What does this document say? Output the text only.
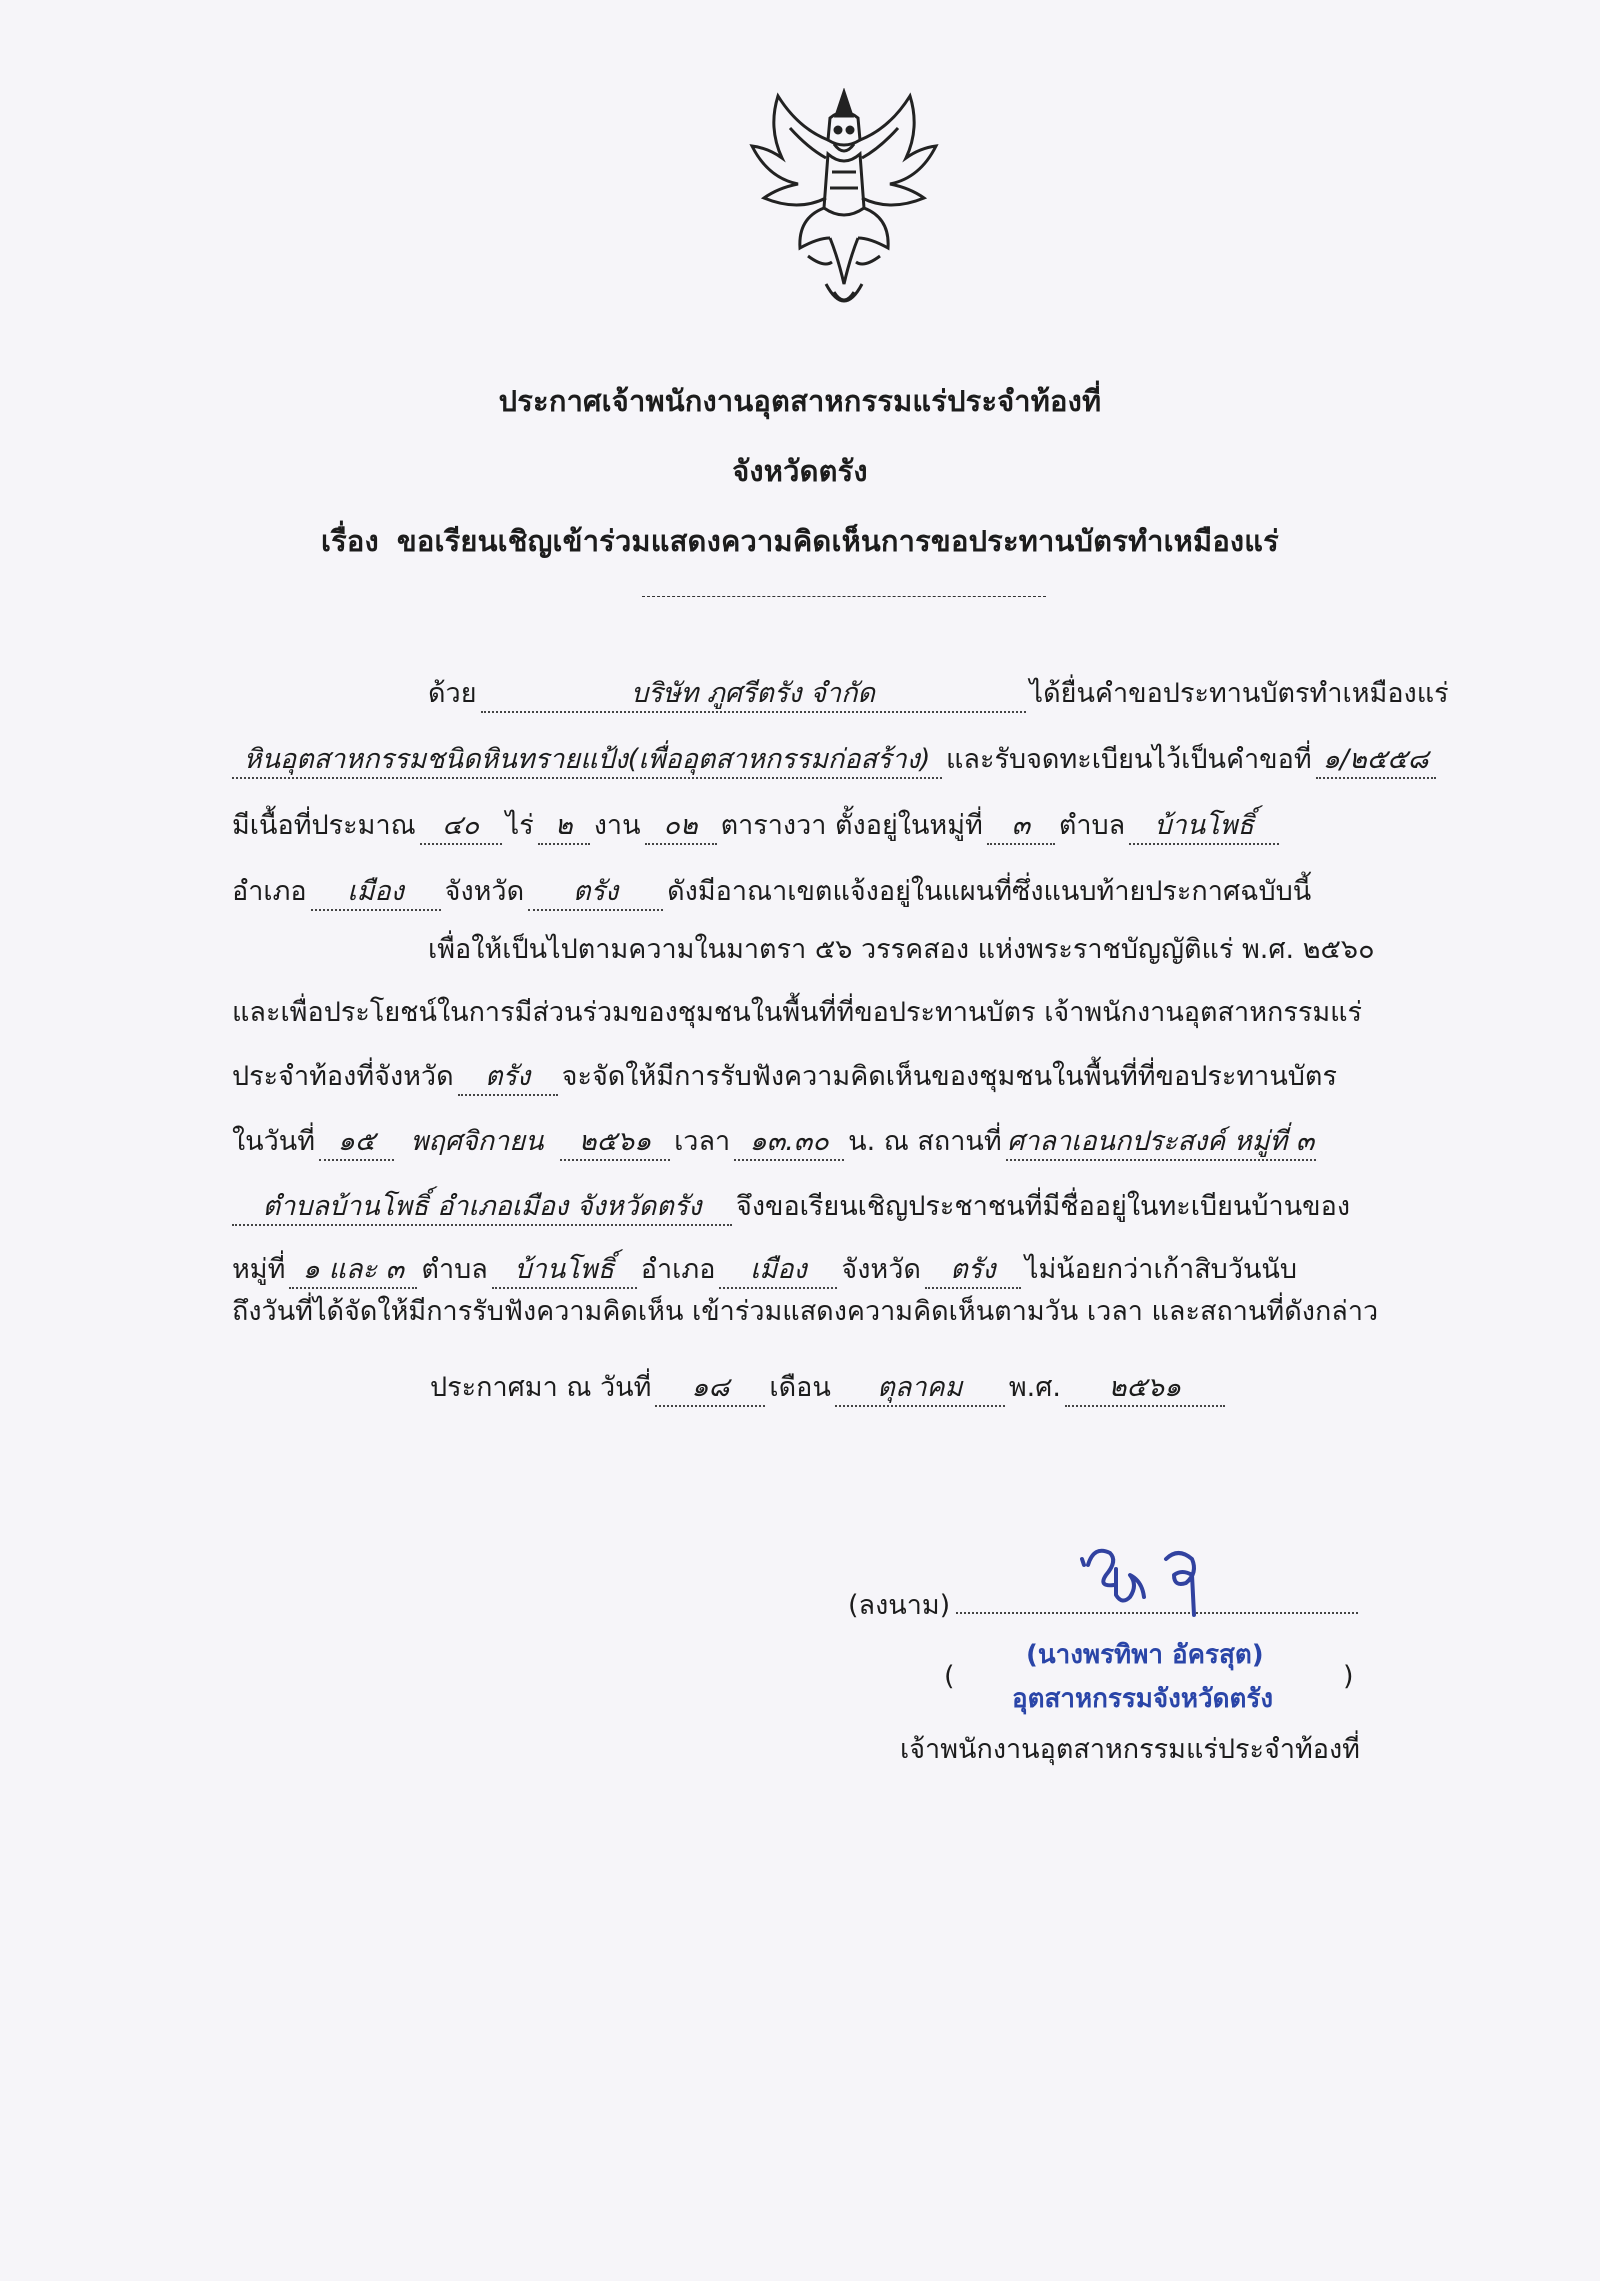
ประกาศเจ้าพนักงานอุตสาหกรรมแร่ประจำท้องที่
จังหวัดตรัง
เรื่อง ขอเรียนเชิญเข้าร่วมแสดงความคิดเห็นการขอประทานบัตรทำเหมืองแร่
ด้วย	บริษัท ภูศรีตรัง จำกัด	ได้ยื่นคำขอประทานบัตรทำเหมืองแร่
หินอุตสาหกรรมชนิดหินทรายแป้ง(เพื่ออุตสาหกรรมก่อสร้าง) และรับจดทะเบียนไว้เป็นคำขอที่ ๑/๒๕๕๘
มีเนื้อที่ประมาณ ๔๐ ไร่ ๒ งาน ๐๒ ตารางวา ตั้งอยู่ในหมู่ที่ ๓ ตำบล บ้านโพธิ์
อำเภอ เมือง จังหวัด ตรัง ดังมีอาณาเขตแจ้งอยู่ในแผนที่ซึ่งแนบท้ายประกาศฉบับนี้
เพื่อให้เป็นไปตามความในมาตรา ๕๖ วรรคสอง แห่งพระราชบัญญัติแร่ พ.ศ. ๒๕๖๐
และเพื่อประโยชน์ในการมีส่วนร่วมของชุมชนในพื้นที่ที่ขอประทานบัตร เจ้าพนักงานอุตสาหกรรมแร่
ประจำท้องที่จังหวัด ตรัง จะจัดให้มีการรับฟังความคิดเห็นของชุมชนในพื้นที่ที่ขอประทานบัตร
ในวันที่ ๑๕ พฤศจิกายน ๒๕๖๑ เวลา ๑๓.๓๐ น. ณ สถานที่ ศาลาเอนกประสงค์ หมู่ที่ ๓
ตำบลบ้านโพธิ์ อำเภอเมือง จังหวัดตรัง จึงขอเรียนเชิญประชาชนที่มีชื่ออยู่ในทะเบียนบ้านของ
หมู่ที่ ๑ และ ๓ ตำบล บ้านโพธิ์ อำเภอ เมือง จังหวัด ตรัง ไม่น้อยกว่าเก้าสิบวันนับ
ถึงวันที่ได้จัดให้มีการรับฟังความคิดเห็น เข้าร่วมแสดงความคิดเห็นตามวัน เวลา และสถานที่ดังกล่าว
ประกาศมา ณ วันที่ ๑๘ เดือน ตุลาคม พ.ศ. ๒๕๖๑
(ลงนาม)
(นางพรทิพา อัครสุต)
(	)
อุตสาหกรรมจังหวัดตรัง
เจ้าพนักงานอุตสาหกรรมแร่ประจำท้องที่
